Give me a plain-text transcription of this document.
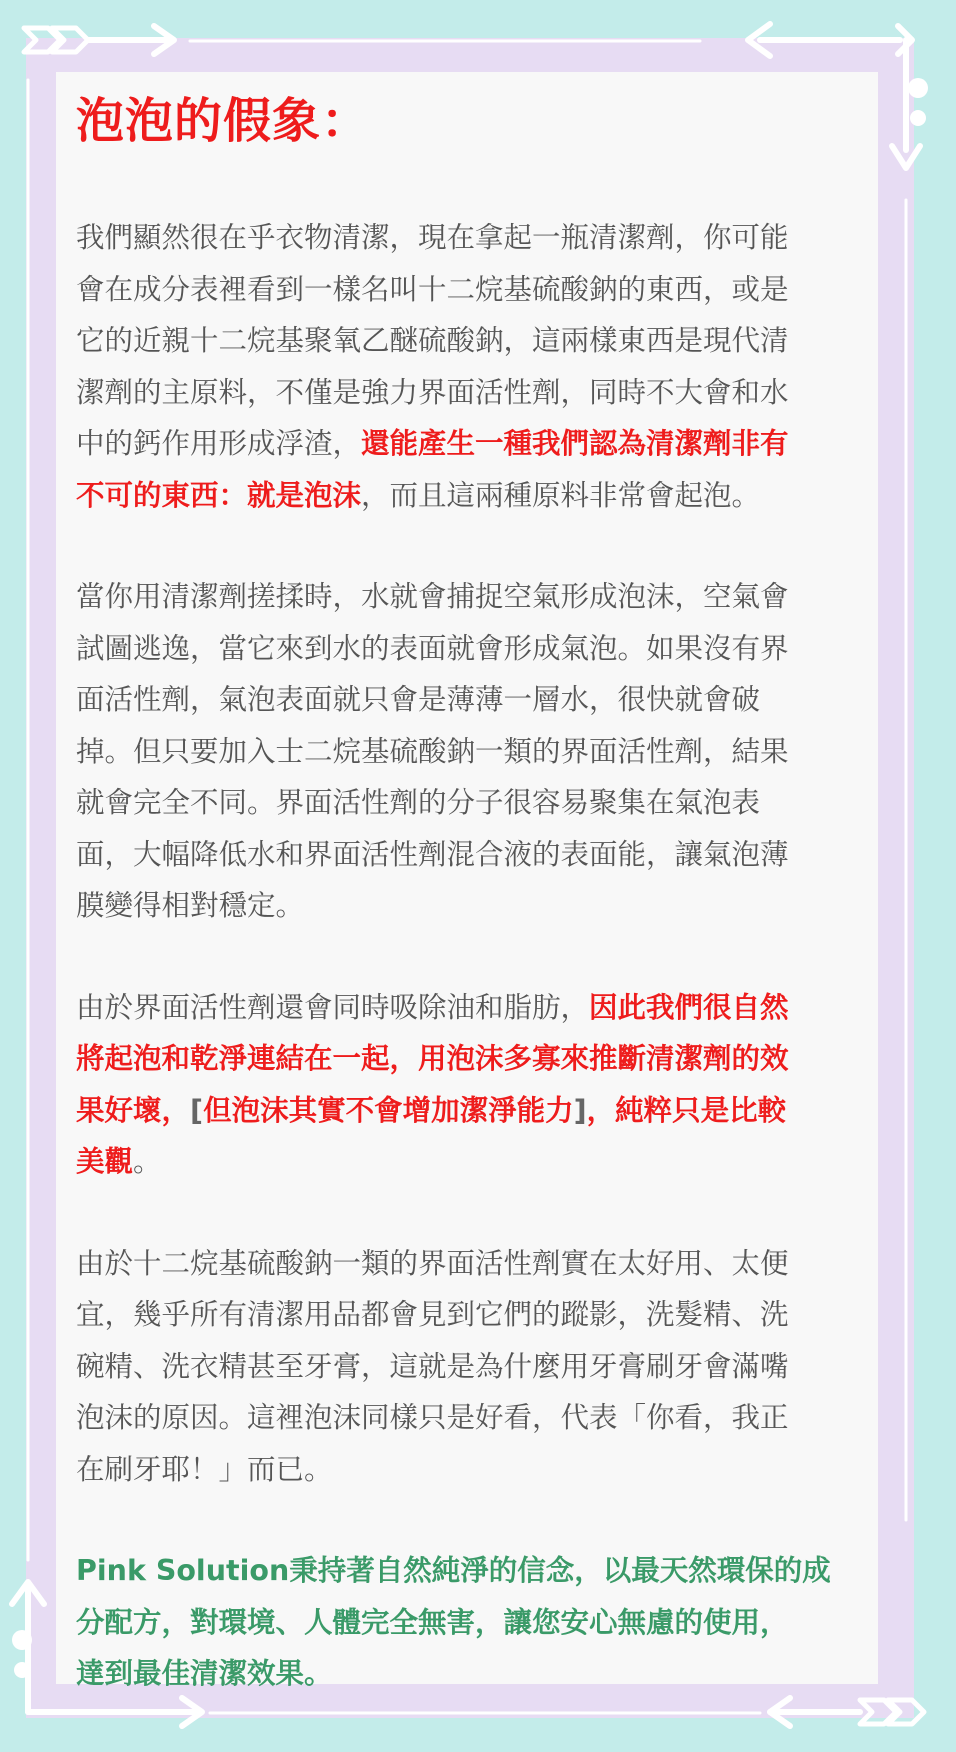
泡泡的假象：

我們顯然很在乎衣物清潔，現在拿起一瓶清潔劑，你可能

會在成分表裡看到一樣名叫十二烷基硫酸鈉的東西，或是

它的近親十二烷基聚氧乙醚硫酸鈉，這兩樣東西是現代清

潔劑的主原料，不僅是強力界面活性劑，同時不大會和水

中的鈣作用形成浮渣，還能產生一種我們認為清潔劑非有

不可的東西：就是泡沫，而且這兩種原料非常會起泡。

當你用清潔劑搓揉時，水就會捕捉空氣形成泡沫，空氣會

試圖逃逸，當它來到水的表面就會形成氣泡。如果沒有界

面活性劑，氣泡表面就只會是薄薄一層水，很快就會破

掉。但只要加入士二烷基硫酸鈉一類的界面活性劑，結果

就會完全不同。界面活性劑的分子很容易聚集在氣泡表

面，大幅降低水和界面活性劑混合液的表面能，讓氣泡薄

膜變得相對穩定。

由於界面活性劑還會同時吸除油和脂肪，因此我們很自然

將起泡和乾淨連結在一起，用泡沫多寡來推斷清潔劑的效

果好壞，[但泡沫其實不會增加潔淨能力]，純粹只是比較

美觀。

由於十二烷基硫酸鈉一類的界面活性劑實在太好用、太便

宜，幾乎所有清潔用品都會見到它們的蹤影，洗髮精、洗

碗精、洗衣精甚至牙膏，這就是為什麼用牙膏刷牙會滿嘴

泡沫的原因。這裡泡沫同樣只是好看，代表「你看，我正

在刷牙耶！」而已。

Pink Solution秉持著自然純淨的信念，以最天然環保的成

分配方，對環境、人體完全無害，讓您安心無慮的使用，

達到最佳清潔效果。
